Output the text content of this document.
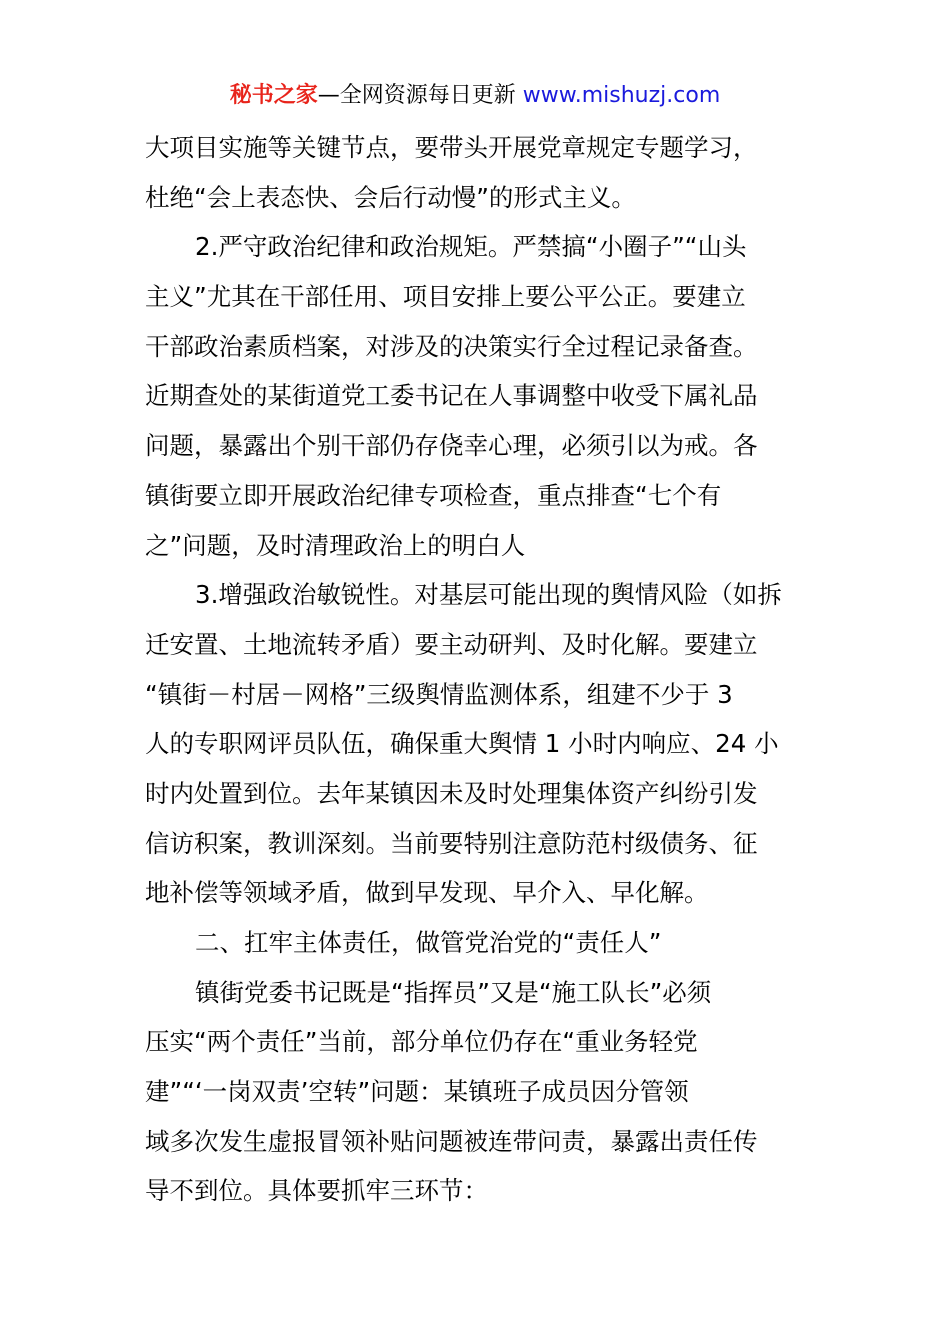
秘书之家—全网资源每日更新 www.mishuzj.com
大项目实施等关键节点，要带头开展党章规定专题学习，
杜绝“会上表态快、会后行动慢”的形式主义。
2.严守政治纪律和政治规矩。严禁搞“小圈子”“山头
主义”尤其在干部任用、项目安排上要公平公正。要建立
干部政治素质档案，对涉及的决策实行全过程记录备查。
近期查处的某街道党工委书记在人事调整中收受下属礼品
问题，暴露出个别干部仍存侥幸心理，必须引以为戒。各
镇街要立即开展政治纪律专项检查，重点排查“七个有
之”问题，及时清理政治上的明白人
3.增强政治敏锐性。对基层可能出现的舆情风险（如拆
迁安置、土地流转矛盾）要主动研判、及时化解。要建立
“镇街－村居－网格”三级舆情监测体系，组建不少于 3
人的专职网评员队伍，确保重大舆情 1 小时内响应、24 小
时内处置到位。去年某镇因未及时处理集体资产纠纷引发
信访积案，教训深刻。当前要特别注意防范村级债务、征
地补偿等领域矛盾，做到早发现、早介入、早化解。
二、扛牢主体责任，做管党治党的“责任人”
镇街党委书记既是“指挥员”又是“施工队长”必须
压实“两个责任”当前，部分单位仍存在“重业务轻党
建”“‘一岗双责’空转”问题：某镇班子成员因分管领
域多次发生虚报冒领补贴问题被连带问责，暴露出责任传
导不到位。具体要抓牢三环节：
